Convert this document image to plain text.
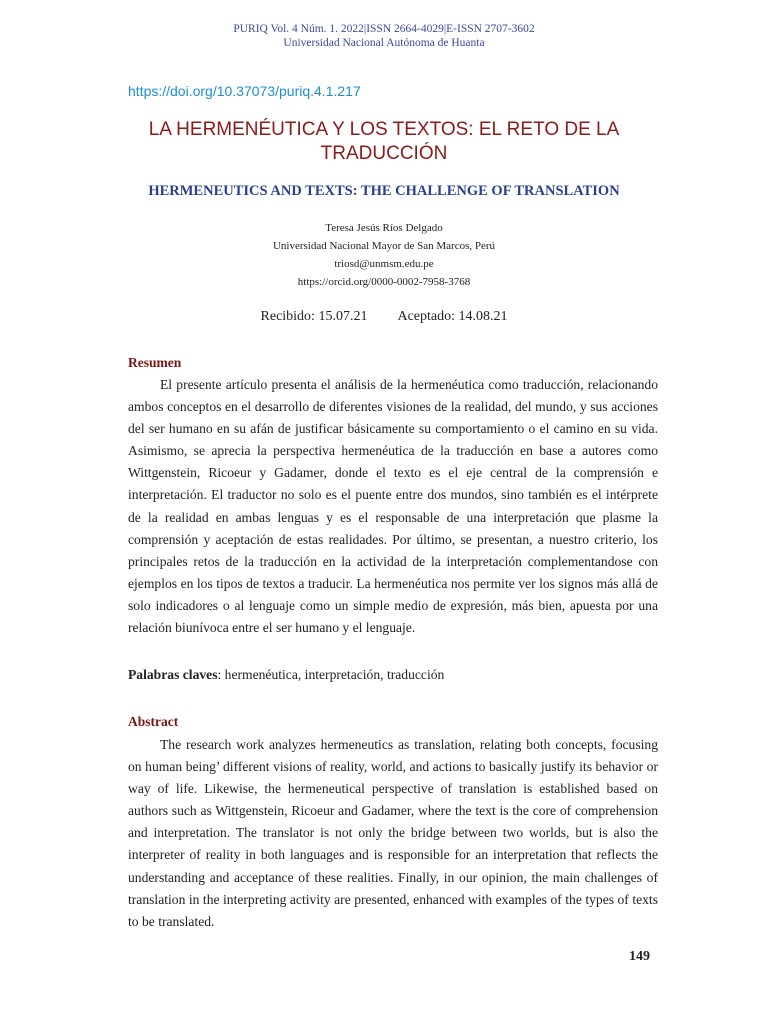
PURIQ Vol. 4 Núm. 1. 2022|ISSN 2664-4029|E-ISSN 2707-3602
Universidad Nacional Autónoma de Huanta
https://doi.org/10.37073/puriq.4.1.217
LA HERMENÉUTICA Y LOS TEXTOS: EL RETO DE LA TRADUCCIÓN
HERMENEUTICS AND TEXTS: THE CHALLENGE OF TRANSLATION
Teresa Jesús Ríos Delgado
Universidad Nacional Mayor de San Marcos, Perú
triosd@unmsm.edu.pe
https://orcid.org/0000-0002-7958-3768
Recibido: 15.07.21 Aceptado: 14.08.21
Resumen

El presente artículo presenta el análisis de la hermenéutica como traducción, relacionando ambos conceptos en el desarrollo de diferentes visiones de la realidad, del mundo, y sus acciones del ser humano en su afán de justificar básicamente su comportamiento o el camino en su vida. Asimismo, se aprecia la perspectiva hermenéutica de la traducción en base a autores como Wittgenstein, Ricoeur y Gadamer, donde el texto es el eje central de la comprensión e interpretación. El traductor no solo es el puente entre dos mundos, sino también es el intérprete de la realidad en ambas lenguas y es el responsable de una interpretación que plasme la comprensión y aceptación de estas realidades. Por último, se presentan, a nuestro criterio, los principales retos de la traducción en la actividad de la interpretación complementandose con ejemplos en los tipos de textos a traducir. La hermenéutica nos permite ver los signos más allá de solo indicadores o al lenguaje como un simple medio de expresión, más bien, apuesta por una relación biunívoca entre el ser humano y el lenguaje.

Palabras claves: hermenéutica, interpretación, traducción
Abstract

The research work analyzes hermeneutics as translation, relating both concepts, focusing on human being’ different visions of reality, world, and actions to basically justify its behavior or way of life. Likewise, the hermeneutical perspective of translation is established based on authors such as Wittgenstein, Ricoeur and Gadamer, where the text is the core of comprehension and interpretation. The translator is not only the bridge between two worlds, but is also the interpreter of reality in both languages and is responsible for an interpretation that reflects the understanding and acceptance of these realities. Finally, in our opinion, the main challenges of translation in the interpreting activity are presented, enhanced with examples of the types of texts to be translated.

149
